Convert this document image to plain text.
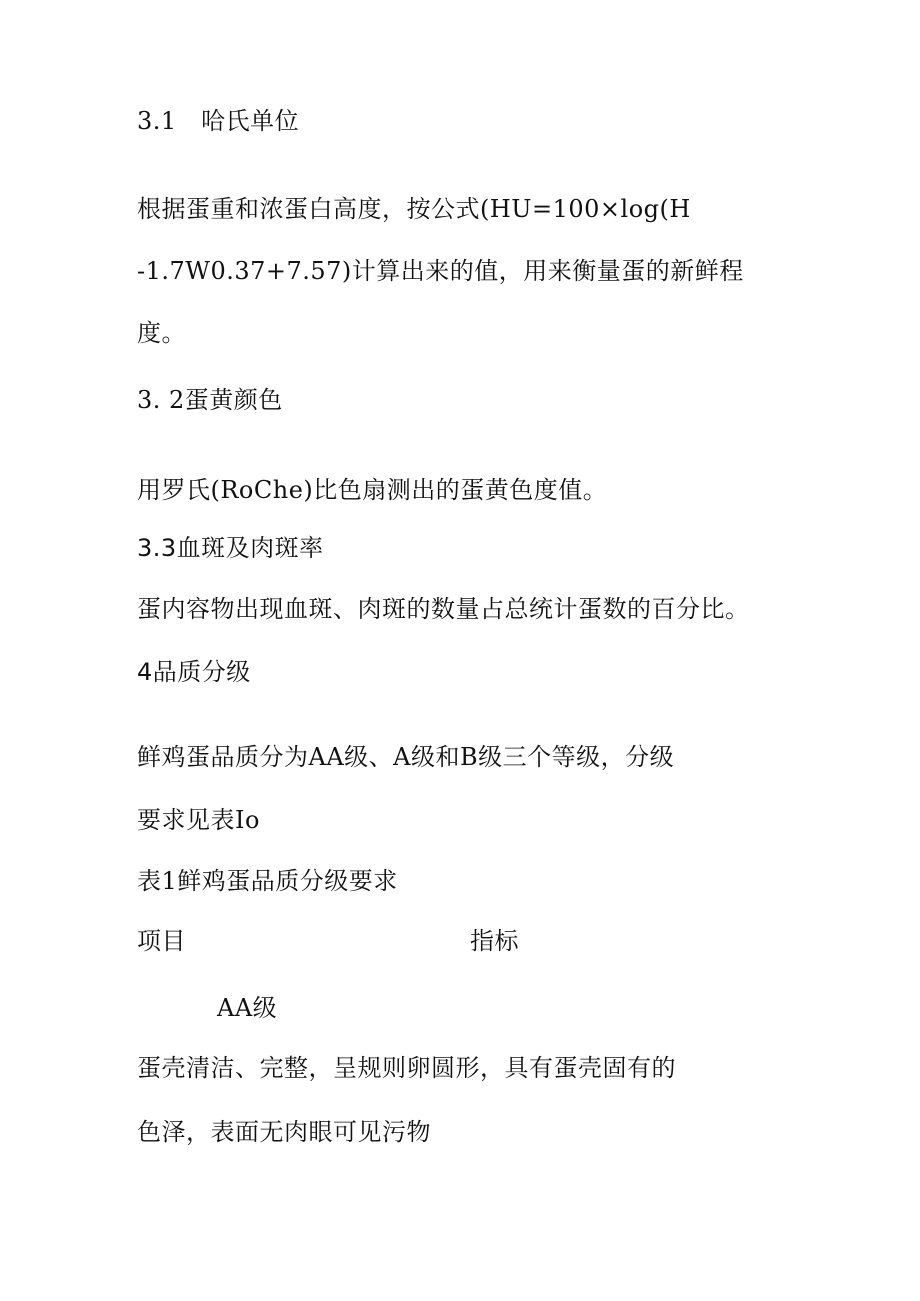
3.1　哈氏单位
根据蛋重和浓蛋白高度，按公式(HU=100×log(H
-1.7W0.37+7.57)计算出来的值，用来衡量蛋的新鲜程
度。
3. 2蛋黄颜色
用罗氏(RoChe)比色扇测出的蛋黄色度值。
3.3血斑及肉斑率
蛋内容物出现血斑、肉斑的数量占总统计蛋数的百分比。
4品质分级
鲜鸡蛋品质分为AA级、A级和B级三个等级，分级
要求见表Io
表1鲜鸡蛋品质分级要求
项目	指标
AA级
蛋壳清洁、完整，呈规则卵圆形，具有蛋壳固有的
色泽，表面无肉眼可见污物
